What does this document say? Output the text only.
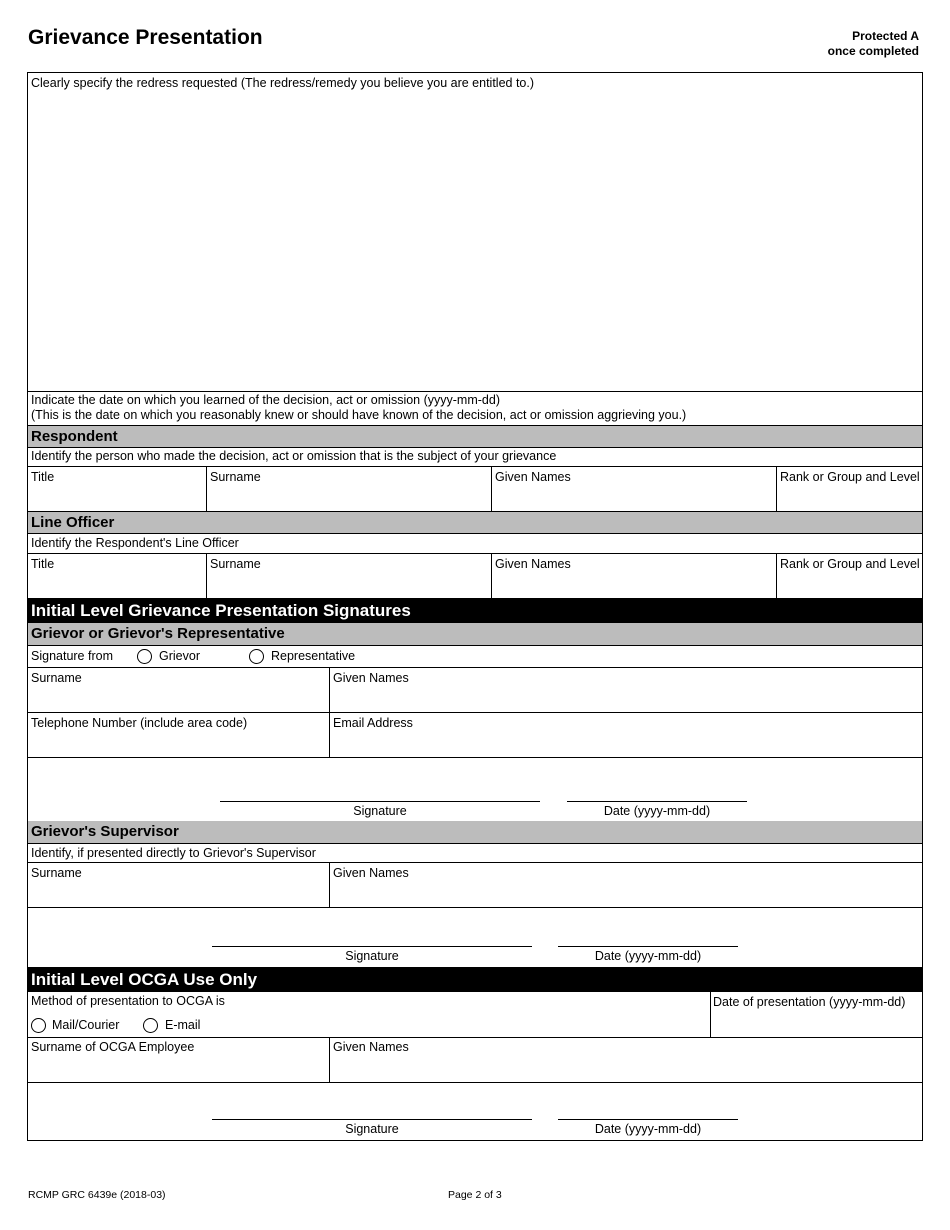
Grievance Presentation	Protected A
once completed
Clearly specify the redress requested (The redress/remedy you believe you are entitled to.)
Indicate the date on which you learned of the decision, act or omission (yyyy-mm-dd)
(This is the date on which you reasonably knew or should have known of the decision, act or omission aggrieving you.)
Respondent
Identify the person who made the decision, act or omission that is the subject of your grievance
Title	Surname	Given Names	Rank or Group and Level
Line Officer
Identify the Respondent's Line Officer
Title	Surname	Given Names	Rank or Group and Level
Initial Level Grievance Presentation Signatures
Grievor or Grievor's Representative
Signature from	Grievor	Representative
Surname	Given Names
Telephone Number (include area code)	Email Address
Signature	Date (yyyy-mm-dd)
Grievor's Supervisor
Identify, if presented directly to Grievor's Supervisor
Surname	Given Names
Signature	Date (yyyy-mm-dd)
Initial Level OCGA Use Only
Method of presentation to OCGA is
Mail/Courier	E-mail
Date of presentation (yyyy-mm-dd)
Surname of OCGA Employee	Given Names
Signature	Date (yyyy-mm-dd)
RCMP GRC 6439e (2018-03)	Page 2 of 3
